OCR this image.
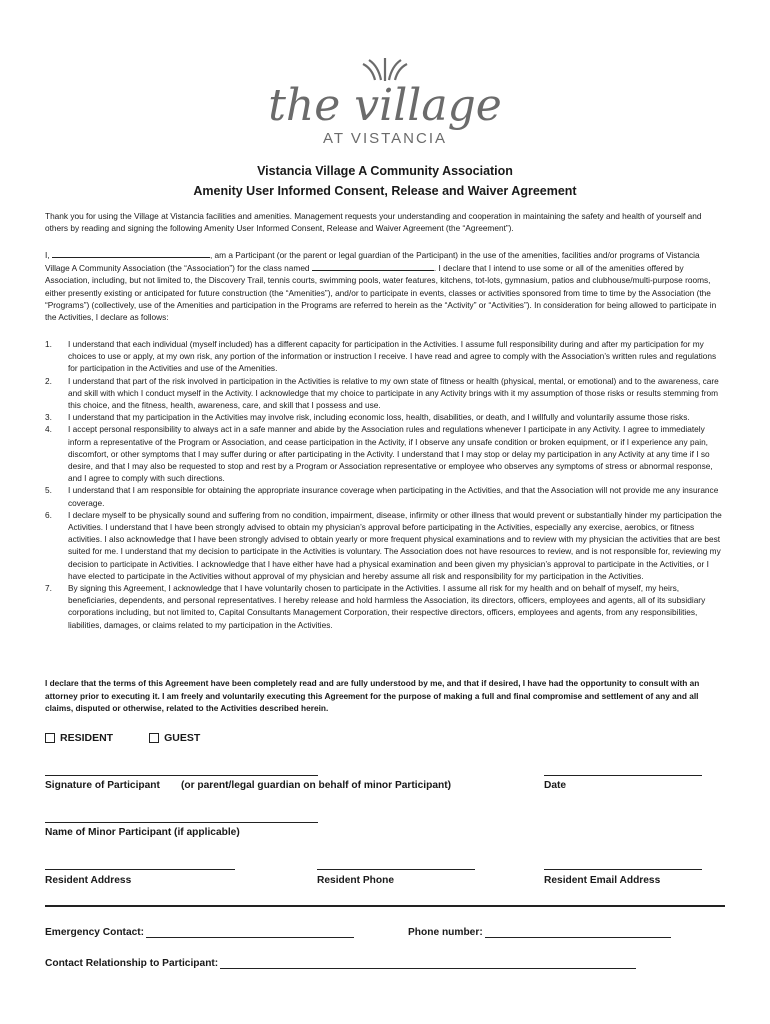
the village
AT VISTANCIA
Vistancia Village A Community Association
Amenity User Informed Consent, Release and Waiver Agreement
Thank you for using the Village at Vistancia facilities and amenities. Management requests your understanding and cooperation in maintaining the safety and health of yourself and others by reading and signing the following Amenity User Informed Consent, Release and Waiver Agreement (the “Agreement”).
I,	, am a Participant (or the parent or legal guardian of the Participant) in the use of the amenities, facilities and/or programs of Vistancia Village A Community Association (the “Association”) for the class named	. I declare that I intend to use some or all of the amenities offered by Association, including, but not limited to, the Discovery Trail, tennis courts, swimming pools, water features, kitchens, tot-lots, gymnasium, patios and clubhouse/multi-purpose rooms, either presently existing or anticipated for future construction (the “Amenities”), and/or to participate in events, classes or activities sponsored from time to time by the Association (the “Programs”) (collectively, use of the Amenities and participation in the Programs are referred to herein as the “Activity” or “Activities”). In consideration for being allowed to participate in the Activities, I declare as follows:
1.	I understand that each individual (myself included) has a different capacity for participation in the Activities. I assume full responsibility during and after my participation for my choices to use or apply, at my own risk, any portion of the information or instruction I receive. I have read and agree to comply with the Association’s written rules and regulations for participation in the Activities and use of the Amenities.
2.	I understand that part of the risk involved in participation in the Activities is relative to my own state of fitness or health (physical, mental, or emotional) and to the awareness, care and skill with which I conduct myself in the Activity. I acknowledge that my choice to participate in any Activity brings with it my assumption of those risks or results stemming from this choice, and the fitness, health, awareness, care, and skill that I possess and use.
3.	I understand that my participation in the Activities may involve risk, including economic loss, health, disabilities, or death, and I willfully and voluntarily assume those risks.
4.	I accept personal responsibility to always act in a safe manner and abide by the Association rules and regulations whenever I participate in any Activity. I agree to immediately inform a representative of the Program or Association, and cease participation in the Activity, if I observe any unsafe condition or broken equipment, or if I experience any pain, discomfort, or other symptoms that I may suffer during or after participating in the Activity. I understand that I may stop or delay my participation in any Activity at any time if I so desire, and that I may also be requested to stop and rest by a Program or Association representative or employee who observes any symptoms of stress or abnormal response, and I agree to comply with such directions.
5.	I understand that I am responsible for obtaining the appropriate insurance coverage when participating in the Activities, and that the Association will not provide me any insurance coverage.
6.	I declare myself to be physically sound and suffering from no condition, impairment, disease, infirmity or other illness that would prevent or substantially hinder my participation the Activities. I understand that I have been strongly advised to obtain my physician’s approval before participating in the Activities, especially any exercise, aerobics, or fitness activities. I also acknowledge that I have been strongly advised to obtain yearly or more frequent physical examinations and to review with my physician the activities that are best suited for me. I understand that my decision to participate in the Activities is voluntary. The Association does not have resources to review, and is not responsible for, reviewing my decision to participate in Activities. I acknowledge that I have either have had a physical examination and been given my physician’s approval to participate in the Activities, or I have elected to participate in the Activities without approval of my physician and hereby assume all risk and responsibility for my participation in the Activities.
7.	By signing this Agreement, I acknowledge that I have voluntarily chosen to participate in the Activities. I assume all risk for my health and on behalf of myself, my heirs, beneficiaries, dependents, and personal representatives. I hereby release and hold harmless the Association, its directors, officers, employees and agents, all of its subsidiary corporations including, but not limited to, Capital Consultants Management Corporation, their respective directors, officers, employees and agents, from any responsibilities, liabilities, damages, or claims related to my participation in the Activities.
I declare that the terms of this Agreement have been completely read and are fully understood by me, and that if desired, I have had the opportunity to consult with an attorney prior to executing it. I am freely and voluntarily executing this Agreement for the purpose of making a full and final compromise and settlement of any and all claims, disputed or otherwise, related to the Activities described herein.
RESIDENT	GUEST
Signature of Participant (or parent/legal guardian on behalf of minor Participant)	Date
Name of Minor Participant (if applicable)
Resident Address	Resident Phone	Resident Email Address
Emergency Contact:	Phone number:
Contact Relationship to Participant:
